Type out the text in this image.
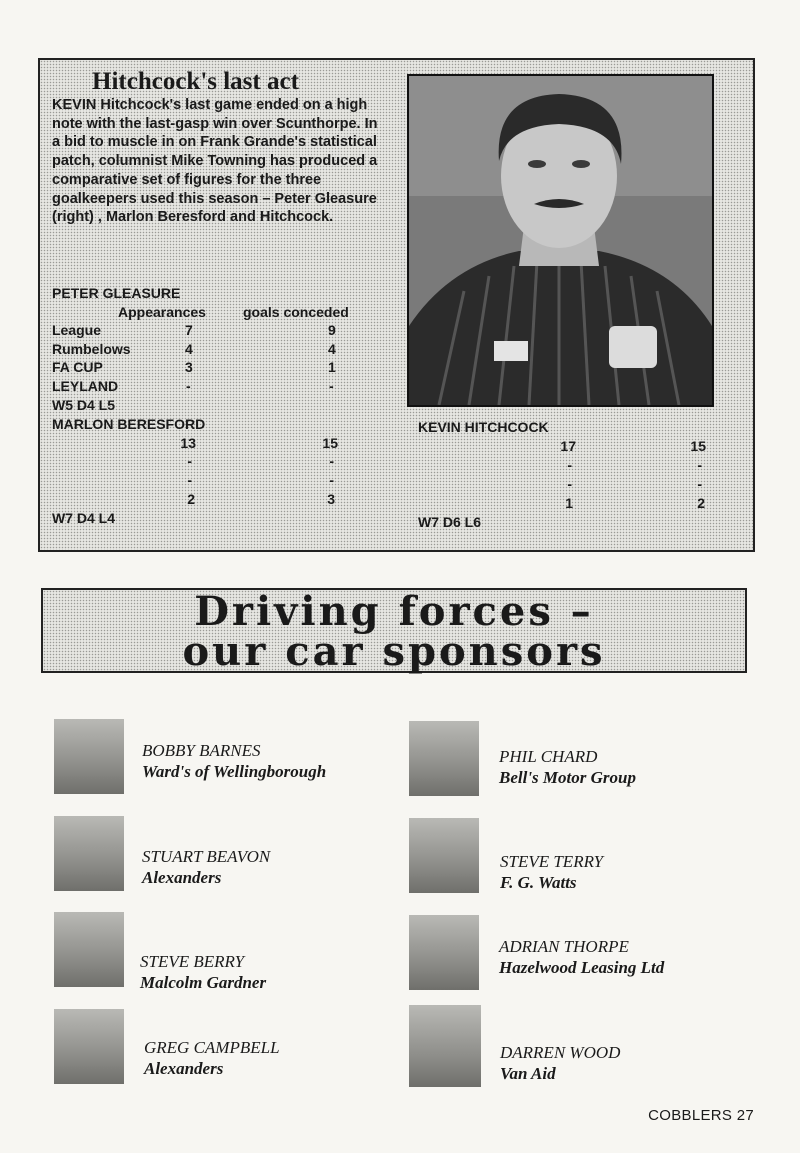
Hitchcock's last act

KEVIN Hitchcock's last game ended on a high note with the last-gasp win over Scunthorpe. In a bid to muscle in on Frank Grande's statistical patch, columnist Mike Towning has produced a comparative set of figures for the three goalkeepers used this season – Peter Gleasure (right) , Marlon Beresford and Hitchcock.

PETER GLEASURE
Appearances	goals conceded
League
Rumbelows
FA CUP
LEYLAND
7
4
3
-
9
4
1
-
W5 D4 L5
MARLON BERESFORD
13
-
-
2
15
-
-
3
W7 D4 L4
KEVIN HITCHCOCK
17
-
-
1
15
-
-
2
W7 D6 L6
Driving forces –
our car sponsors
BOBBY BARNES
Ward's of Wellingborough
STUART BEAVON
Alexanders
STEVE BERRY
Malcolm Gardner
GREG CAMPBELL
Alexanders
PHIL CHARD
Bell's Motor Group
STEVE TERRY
F. G. Watts
ADRIAN THORPE
Hazelwood Leasing Ltd
DARREN WOOD
Van Aid
COBBLERS 27
